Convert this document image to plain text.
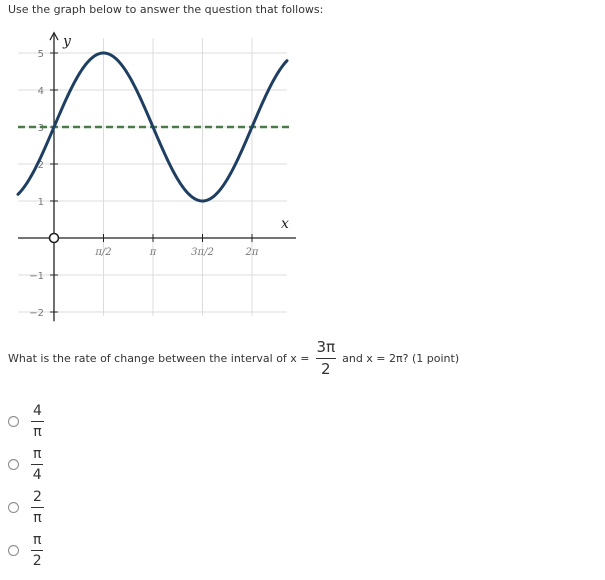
Use the graph below to answer the question that follows:
π/2	π	3π/2	2π
−2
−1
1
2
3
4
5
x
y
What is the rate of change between the interval of $x = \frac{3\pi}{2}$ and x = 2π? (1 point)
$\frac{4}{\pi}$
$\frac{\pi}{4}$
$\frac{2}{\pi}$
$\frac{\pi}{2}$
